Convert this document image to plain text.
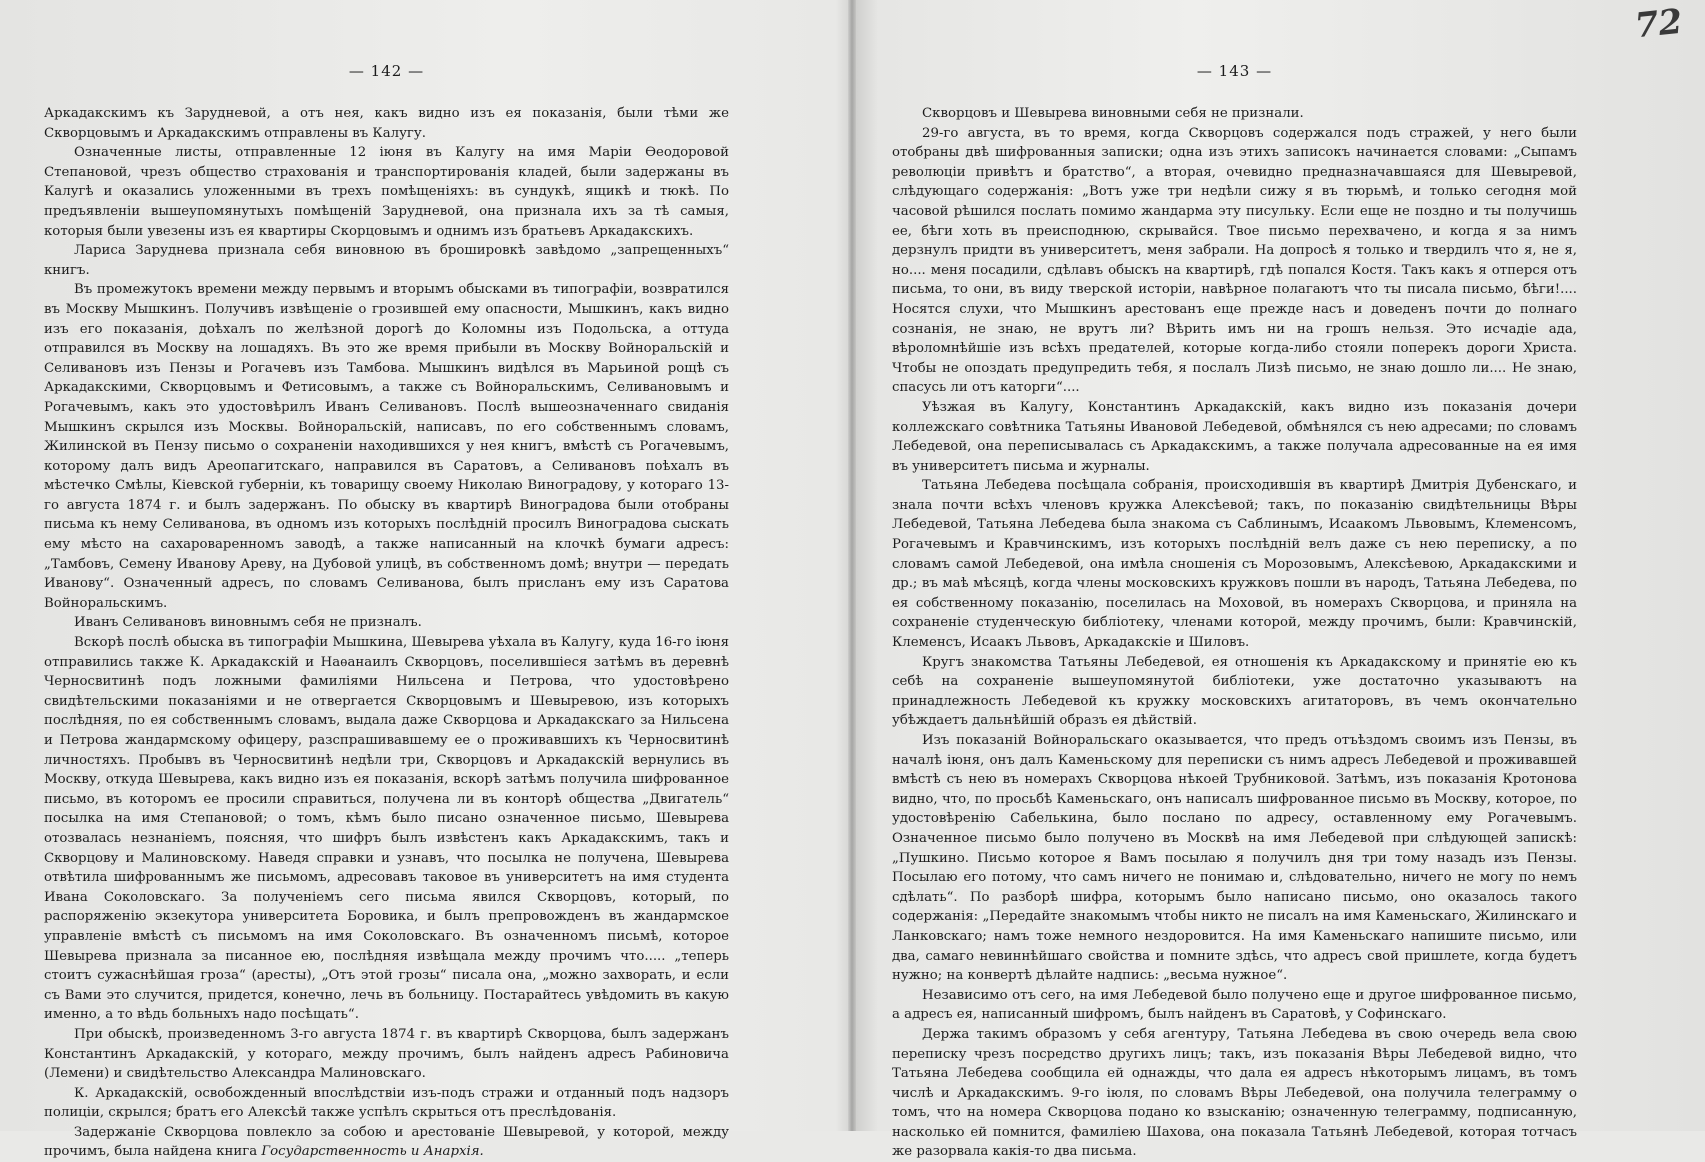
72
— 142 —

Аркадакскимъ къ Зарудневой, а отъ нея, какъ видно изъ ея показанія, были тѣми же Скворцовымъ и Аркадакскимъ отправлены въ Калугу.

Означенные листы, отправленные 12 іюня въ Калугу на имя Маріи Ѳеодоровой Степановой, чрезъ общество страхованія и транспортированія кладей, были задержаны въ Калугѣ и оказались уложенными въ трехъ помѣщеніяхъ: въ сундукѣ, ящикѣ и тюкѣ. По предъявленіи вышеупомянутыхъ помѣщеній Зарудневой, она признала ихъ за тѣ самыя, которыя были увезены изъ ея квартиры Скорцовымъ и однимъ изъ братьевъ Аркадакскихъ.

Лариса Заруднева признала себя виновною въ брошировкѣ завѣдомо „запрещенныхъ“ книгъ.

Въ промежутокъ времени между первымъ и вторымъ обысками въ типографіи, возвратился въ Москву Мышкинъ. Получивъ извѣщеніе о грозившей ему опасности, Мышкинъ, какъ видно изъ его показанія, доѣхалъ по желѣзной дорогѣ до Коломны изъ Подольска, а оттуда отправился въ Москву на лошадяхъ. Въ это же время прибыли въ Москву Войноральскій и Селивановъ изъ Пензы и Рогачевъ изъ Тамбова. Мышкинъ видѣлся въ Марьиной рощѣ съ Аркадакскими, Скворцовымъ и Фетисовымъ, а также съ Войноральскимъ, Селивановымъ и Рогачевымъ, какъ это удостовѣрилъ Иванъ Селивановъ. Послѣ вышеозначеннаго свиданія Мышкинъ скрылся изъ Москвы. Войноральскій, написавъ, по его собственнымъ словамъ, Жилинской въ Пензу письмо о сохраненіи находившихся у нея книгъ, вмѣстѣ съ Рогачевымъ, которому далъ видъ Ареопагитскаго, направился въ Саратовъ, а Селивановъ поѣхалъ въ мѣстечко Смѣлы, Кіевской губерніи, къ товарищу своему Николаю Виноградову, у котораго 13-го августа 1874 г. и былъ задержанъ. По обыску въ квартирѣ Виноградова были отобраны письма къ нему Селиванова, въ одномъ изъ которыхъ послѣдній просилъ Виноградова сыскать ему мѣсто на сахароваренномъ заводѣ, а также написанный на клочкѣ бумаги адресъ: „Тамбовъ, Семену Иванову Ареву, на Дубовой улицѣ, въ собственномъ домѣ; внутри — передать Иванову“. Означенный адресъ, по словамъ Селиванова, былъ присланъ ему изъ Саратова Войноральскимъ.

Иванъ Селивановъ виновнымъ себя не призналъ.

Вскорѣ послѣ обыска въ типографіи Мышкина, Шевырева уѣхала въ Калугу, куда 16-го іюня отправились также К. Аркадакскій и Наѳанаилъ Скворцовъ, поселившіеся затѣмъ въ деревнѣ Черносвитинѣ подъ ложными фамиліями Нильсена и Петрова, что удостовѣрено свидѣтельскими показаніями и не отвергается Скворцовымъ и Шевыревою, изъ которыхъ послѣдняя, по ея собственнымъ словамъ, выдала даже Скворцова и Аркадакскаго за Нильсена и Петрова жандармскому офицеру, разспрашивавшему ее о проживавшихъ къ Черносвитинѣ личностяхъ. Пробывъ въ Черносвитинѣ недѣли три, Скворцовъ и Аркадакскій вернулись въ Москву, откуда Шевырева, какъ видно изъ ея показанія, вскорѣ затѣмъ получила шифрованное письмо, въ которомъ ее просили справиться, получена ли въ конторѣ общества „Двигатель“ посылка на имя Степановой; о томъ, кѣмъ было писано означенное письмо, Шевырева отозвалась незнаніемъ, поясняя, что шифръ былъ извѣстенъ какъ Аркадакскимъ, такъ и Скворцову и Малиновскому. Наведя справки и узнавъ, что посылка не получена, Шевырева отвѣтила шифрованнымъ же письмомъ, адресовавъ таковое въ университетъ на имя студента Ивана Соколовскаго. За полученіемъ сего письма явился Скворцовъ, который, по распоряженію экзекутора университета Боровика, и былъ препровожденъ въ жандармское управленіе вмѣстѣ съ письмомъ на имя Соколовскаго. Въ означенномъ письмѣ, которое Шевырева признала за писанное ею, послѣдняя извѣщала между прочимъ что..... „теперь стоитъ сужаснѣйшая гроза“ (аресты), „Отъ этой грозы“ писала она, „можно захворать, и если съ Вами это случится, придется, конечно, лечь въ больницу. Постарайтесь увѣдомить въ какую именно, а то вѣдь больныхъ надо посѣщать“.

При обыскѣ, произведенномъ 3-го августа 1874 г. въ квартирѣ Скворцова, былъ задержанъ Константинъ Аркадакскій, у котораго, между прочимъ, былъ найденъ адресъ Рабиновича (Лемени) и свидѣтельство Александра Малиновскаго.

К. Аркадакскій, освобожденный впослѣдствіи изъ-подъ стражи и отданный подъ надзоръ полиціи, скрылся; братъ его Алексѣй также успѣлъ скрыться отъ преслѣдованія.

Задержаніе Скворцова повлекло за собою и арестованіе Шевыревой, у которой, между прочимъ, была найдена книга Государственность и Анархія.

— 143 —

Скворцовъ и Шевырева виновными себя не признали.

29-го августа, въ то время, когда Скворцовъ содержался подъ стражей, у него были отобраны двѣ шифрованныя записки; одна изъ этихъ записокъ начинается словами: „Сыпамъ революціи привѣтъ и братство“, а вторая, очевидно предназначавшаяся для Шевыревой, слѣдующаго содержанія: „Вотъ уже три недѣли сижу я въ тюрьмѣ, и только сегодня мой часовой рѣшился послать помимо жандарма эту писульку. Если еще не поздно и ты получишь ее, бѣги хоть въ преисподнюю, скрывайся. Твое письмо перехвачено, и когда я за нимъ дерзнулъ придти въ университетъ, меня забрали. На допросѣ я только и твердилъ что я, не я, но.... меня посадили, сдѣлавъ обыскъ на квартирѣ, гдѣ попался Костя. Такъ какъ я отперся отъ письма, то они, въ виду тверской исторіи, навѣрное полагаютъ что ты писала письмо, бѣги!.... Носятся слухи, что Мышкинъ арестованъ еще прежде насъ и доведенъ почти до полнаго сознанія, не знаю, не врутъ ли? Вѣрить имъ ни на грошъ нельзя. Это исчадіе ада, вѣроломнѣйшіе изъ всѣхъ предателей, которые когда-либо стояли поперекъ дороги Христа. Чтобы не опоздать предупредить тебя, я послалъ Лизѣ письмо, не знаю дошло ли.... Не знаю, спасусь ли отъ каторги“....

Уѣзжая въ Калугу, Константинъ Аркадакскій, какъ видно изъ показанія дочери коллежскаго совѣтника Татьяны Ивановой Лебедевой, обмѣнялся съ нею адресами; по словамъ Лебедевой, она переписывалась съ Аркадакскимъ, а также получала адресованные на ея имя въ университетъ письма и журналы.

Татьяна Лебедева посѣщала собранія, происходившія въ квартирѣ Дмитрія Дубенскаго, и знала почти всѣхъ членовъ кружка Алексѣевой; такъ, по показанію свидѣтельницы Вѣры Лебедевой, Татьяна Лебедева была знакома съ Саблинымъ, Исаакомъ Львовымъ, Клеменсомъ, Рогачевымъ и Кравчинскимъ, изъ которыхъ послѣдній велъ даже съ нею переписку, а по словамъ самой Лебедевой, она имѣла сношенія съ Морозовымъ, Алексѣевою, Аркадакскими и др.; въ маѣ мѣсяцѣ, когда члены московскихъ кружковъ пошли въ народъ, Татьяна Лебедева, по ея собственному показанію, поселилась на Моховой, въ номерахъ Скворцова, и приняла на сохраненіе студенческую библіотеку, членами которой, между прочимъ, были: Кравчинскій, Клеменсъ, Исаакъ Львовъ, Аркадакскіе и Шиловъ.

Кругъ знакомства Татьяны Лебедевой, ея отношенія къ Аркадакскому и принятіе ею къ себѣ на сохраненіе вышеупомянутой библіотеки, уже достаточно указываютъ на принадлежность Лебедевой къ кружку московскихъ агитаторовъ, въ чемъ окончательно убѣждаетъ дальнѣйшій образъ ея дѣйствій.

Изъ показаній Войноральскаго оказывается, что предъ отъѣздомъ своимъ изъ Пензы, въ началѣ іюня, онъ далъ Каменьскому для переписки съ нимъ адресъ Лебедевой и проживавшей вмѣстѣ съ нею въ номерахъ Скворцова нѣкоей Трубниковой. Затѣмъ, изъ показанія Кротонова видно, что, по просьбѣ Каменьскаго, онъ написалъ шифрованное письмо въ Москву, которое, по удостовѣренію Сабелькина, было послано по адресу, оставленному ему Рогачевымъ. Означенное письмо было получено въ Москвѣ на имя Лебедевой при слѣдующей запискѣ: „Пушкино. Письмо которое я Вамъ посылаю я получилъ дня три тому назадъ изъ Пензы. Посылаю его потому, что самъ ничего не понимаю и, слѣдовательно, ничего не могу по немъ сдѣлать“. По разборѣ шифра, которымъ было написано письмо, оно оказалось такого содержанія: „Передайте знакомымъ чтобы никто не писалъ на имя Каменьскаго, Жилинскаго и Ланковскаго; намъ тоже немного нездоровится. На имя Каменьскаго напишите письмо, или два, самаго невиннѣйшаго свойства и помните здѣсь, что адресъ свой пришлете, когда будетъ нужно; на конвертѣ дѣлайте надпись: „весьма нужное“.

Независимо отъ сего, на имя Лебедевой было получено еще и другое шифрованное письмо, а адресъ ея, написанный шифромъ, былъ найденъ въ Саратовѣ, у Софинскаго.

Держа такимъ образомъ у себя агентуру, Татьяна Лебедева въ свою очередь вела свою переписку чрезъ посредство другихъ лицъ; такъ, изъ показанія Вѣры Лебедевой видно, что Татьяна Лебедева сообщила ей однажды, что дала ея адресъ нѣкоторымъ лицамъ, въ томъ числѣ и Аркадакскимъ. 9-го іюля, по словамъ Вѣры Лебедевой, она получила телеграмму о томъ, что на номера Скворцова подано ко взысканію; означенную телеграмму, подписанную, насколько ей помнится, фамиліею Шахова, она показала Татьянѣ Лебедевой, которая тотчасъ же разорвала какія-то два письма.
